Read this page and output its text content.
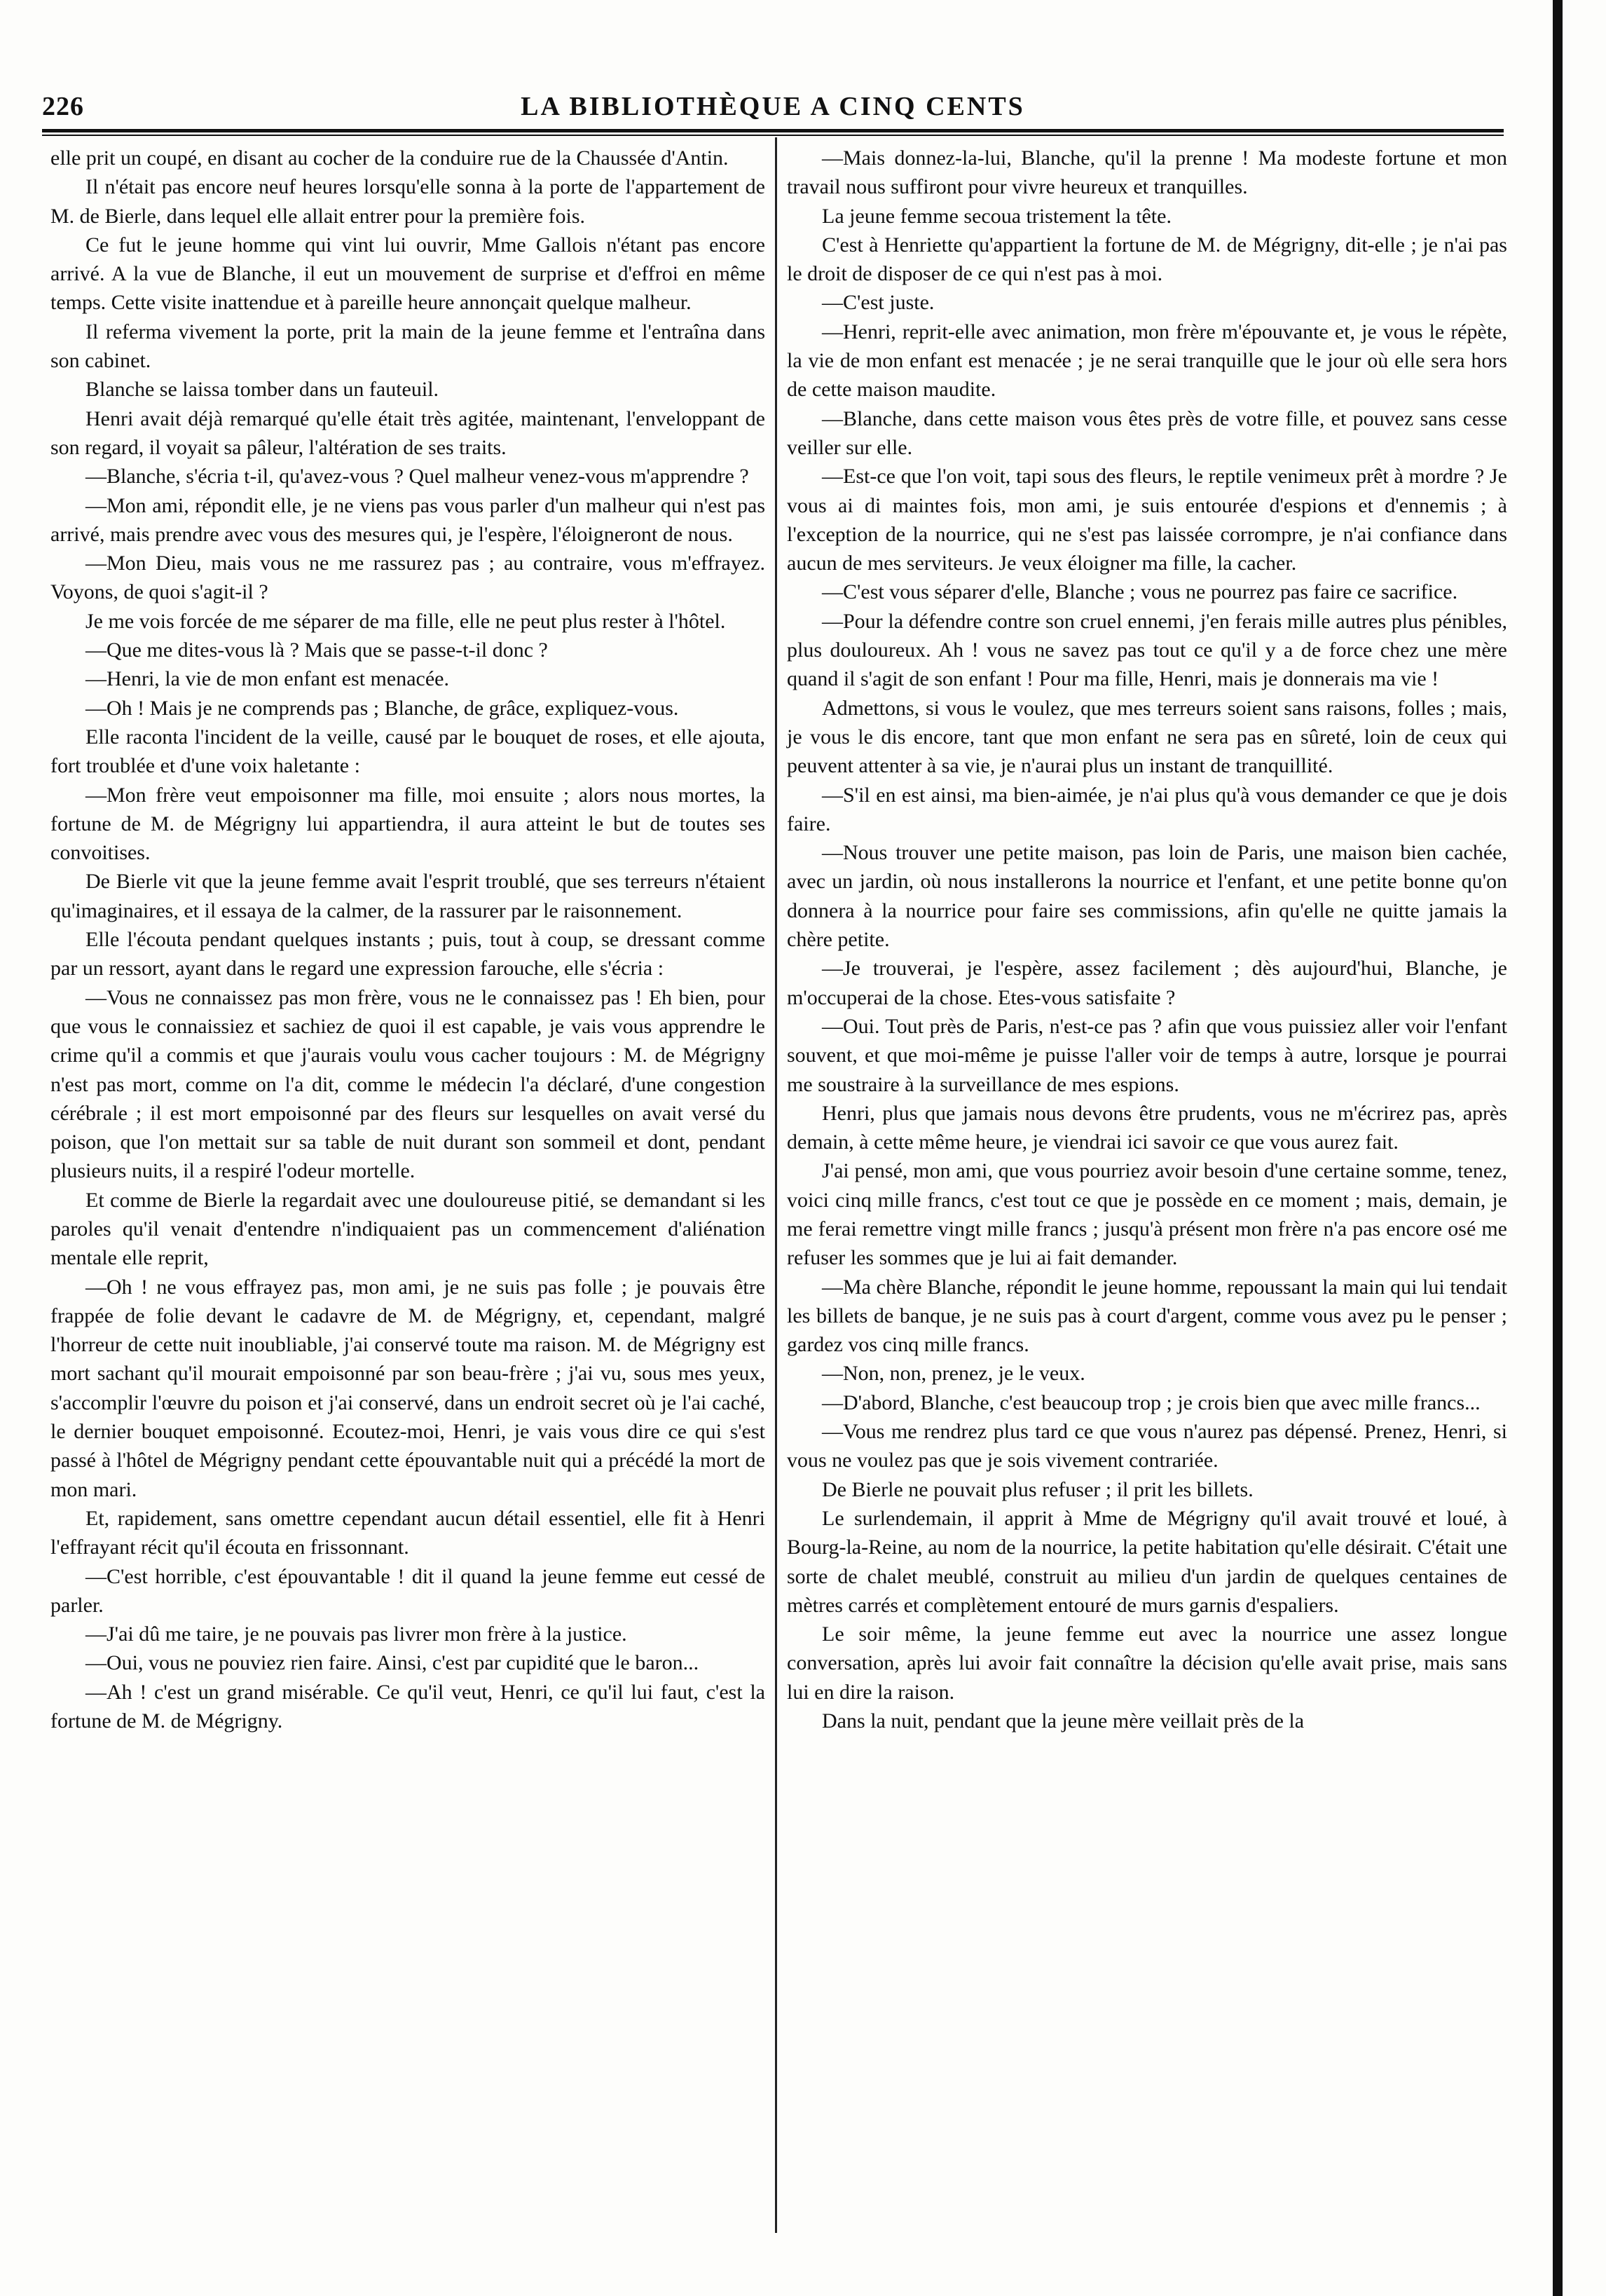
226	LA BIBLIOTHÈQUE A CINQ CENTS

elle prit un coupé, en disant au cocher de la conduire rue de la Chaussée d'Antin.

Il n'était pas encore neuf heures lorsqu'elle sonna à la porte de l'appartement de M. de Bierle, dans lequel elle allait entrer pour la première fois.

Ce fut le jeune homme qui vint lui ouvrir, Mme Gallois n'étant pas encore arrivé. A la vue de Blanche, il eut un mouvement de surprise et d'effroi en même temps. Cette visite inattendue et à pareille heure annonçait quelque malheur.

Il referma vivement la porte, prit la main de la jeune femme et l'entraîna dans son cabinet.

Blanche se laissa tomber dans un fauteuil.

Henri avait déjà remarqué qu'elle était très agitée, maintenant, l'enveloppant de son regard, il voyait sa pâleur, l'altération de ses traits.

—Blanche, s'écria t-il, qu'avez-vous ? Quel malheur venez-vous m'apprendre ?

—Mon ami, répondit elle, je ne viens pas vous parler d'un malheur qui n'est pas arrivé, mais prendre avec vous des mesures qui, je l'espère, l'éloigneront de nous.

—Mon Dieu, mais vous ne me rassurez pas ; au contraire, vous m'effrayez. Voyons, de quoi s'agit-il ?

Je me vois forcée de me séparer de ma fille, elle ne peut plus rester à l'hôtel.

—Que me dites-vous là ? Mais que se passe-t-il donc ?

—Henri, la vie de mon enfant est menacée.

—Oh ! Mais je ne comprends pas ; Blanche, de grâce, expliquez-vous.

Elle raconta l'incident de la veille, causé par le bouquet de roses, et elle ajouta, fort troublée et d'une voix haletante :

—Mon frère veut empoisonner ma fille, moi ensuite ; alors nous mortes, la fortune de M. de Mégrigny lui appartiendra, il aura atteint le but de toutes ses convoitises.

De Bierle vit que la jeune femme avait l'esprit troublé, que ses terreurs n'étaient qu'imaginaires, et il essaya de la calmer, de la rassurer par le raisonnement.

Elle l'écouta pendant quelques instants ; puis, tout à coup, se dressant comme par un ressort, ayant dans le regard une expression farouche, elle s'écria :

—Vous ne connaissez pas mon frère, vous ne le connaissez pas ! Eh bien, pour que vous le connaissiez et sachiez de quoi il est capable, je vais vous apprendre le crime qu'il a commis et que j'aurais voulu vous cacher toujours : M. de Mégrigny n'est pas mort, comme on l'a dit, comme le médecin l'a déclaré, d'une congestion cérébrale ; il est mort empoisonné par des fleurs sur lesquelles on avait versé du poison, que l'on mettait sur sa table de nuit durant son sommeil et dont, pendant plusieurs nuits, il a respiré l'odeur mortelle.

Et comme de Bierle la regardait avec une douloureuse pitié, se demandant si les paroles qu'il venait d'entendre n'indiquaient pas un commencement d'aliénation mentale elle reprit,

—Oh ! ne vous effrayez pas, mon ami, je ne suis pas folle ; je pouvais être frappée de folie devant le cadavre de M. de Mégrigny, et, cependant, malgré l'horreur de cette nuit inoubliable, j'ai conservé toute ma raison. M. de Mégrigny est mort sachant qu'il mourait empoisonné par son beau-frère ; j'ai vu, sous mes yeux, s'accomplir l'œuvre du poison et j'ai conservé, dans un endroit secret où je l'ai caché, le dernier bouquet empoisonné. Ecoutez-moi, Henri, je vais vous dire ce qui s'est passé à l'hôtel de Mégrigny pendant cette épouvantable nuit qui a précédé la mort de mon mari.

Et, rapidement, sans omettre cependant aucun détail essentiel, elle fit à Henri l'effrayant récit qu'il écouta en frissonnant.

—C'est horrible, c'est épouvantable ! dit il quand la jeune femme eut cessé de parler.

—J'ai dû me taire, je ne pouvais pas livrer mon frère à la justice.

—Oui, vous ne pouviez rien faire. Ainsi, c'est par cupidité que le baron...

—Ah ! c'est un grand misérable. Ce qu'il veut, Henri, ce qu'il lui faut, c'est la fortune de M. de Mégrigny.

—Mais donnez-la-lui, Blanche, qu'il la prenne ! Ma modeste fortune et mon travail nous suffiront pour vivre heureux et tranquilles.

La jeune femme secoua tristement la tête.

C'est à Henriette qu'appartient la fortune de M. de Mégrigny, dit-elle ; je n'ai pas le droit de disposer de ce qui n'est pas à moi.

—C'est juste.

—Henri, reprit-elle avec animation, mon frère m'épouvante et, je vous le répète, la vie de mon enfant est menacée ; je ne serai tranquille que le jour où elle sera hors de cette maison maudite.

—Blanche, dans cette maison vous êtes près de votre fille, et pouvez sans cesse veiller sur elle.

—Est-ce que l'on voit, tapi sous des fleurs, le reptile venimeux prêt à mordre ? Je vous ai di maintes fois, mon ami, je suis entourée d'espions et d'ennemis ; à l'exception de la nourrice, qui ne s'est pas laissée corrompre, je n'ai confiance dans aucun de mes serviteurs. Je veux éloigner ma fille, la cacher.

—C'est vous séparer d'elle, Blanche ; vous ne pourrez pas faire ce sacrifice.

—Pour la défendre contre son cruel ennemi, j'en ferais mille autres plus pénibles, plus douloureux. Ah ! vous ne savez pas tout ce qu'il y a de force chez une mère quand il s'agit de son enfant ! Pour ma fille, Henri, mais je donnerais ma vie !

Admettons, si vous le voulez, que mes terreurs soient sans raisons, folles ; mais, je vous le dis encore, tant que mon enfant ne sera pas en sûreté, loin de ceux qui peuvent attenter à sa vie, je n'aurai plus un instant de tranquillité.

—S'il en est ainsi, ma bien-aimée, je n'ai plus qu'à vous demander ce que je dois faire.

—Nous trouver une petite maison, pas loin de Paris, une maison bien cachée, avec un jardin, où nous installerons la nourrice et l'enfant, et une petite bonne qu'on donnera à la nourrice pour faire ses commissions, afin qu'elle ne quitte jamais la chère petite.

—Je trouverai, je l'espère, assez facilement ; dès aujourd'hui, Blanche, je m'occuperai de la chose. Etes-vous satisfaite ?

—Oui. Tout près de Paris, n'est-ce pas ? afin que vous puissiez aller voir l'enfant souvent, et que moi-même je puisse l'aller voir de temps à autre, lorsque je pourrai me soustraire à la surveillance de mes espions.

Henri, plus que jamais nous devons être prudents, vous ne m'écrirez pas, après demain, à cette même heure, je viendrai ici savoir ce que vous aurez fait.

J'ai pensé, mon ami, que vous pourriez avoir besoin d'une certaine somme, tenez, voici cinq mille francs, c'est tout ce que je possède en ce moment ; mais, demain, je me ferai remettre vingt mille francs ; jusqu'à présent mon frère n'a pas encore osé me refuser les sommes que je lui ai fait demander.

—Ma chère Blanche, répondit le jeune homme, repoussant la main qui lui tendait les billets de banque, je ne suis pas à court d'argent, comme vous avez pu le penser ; gardez vos cinq mille francs.

—Non, non, prenez, je le veux.

—D'abord, Blanche, c'est beaucoup trop ; je crois bien que avec mille francs...

—Vous me rendrez plus tard ce que vous n'aurez pas dépensé. Prenez, Henri, si vous ne voulez pas que je sois vivement contrariée.

De Bierle ne pouvait plus refuser ; il prit les billets.

Le surlendemain, il apprit à Mme de Mégrigny qu'il avait trouvé et loué, à Bourg-la-Reine, au nom de la nourrice, la petite habitation qu'elle désirait. C'était une sorte de chalet meublé, construit au milieu d'un jardin de quelques centaines de mètres carrés et complètement entouré de murs garnis d'espaliers.

Le soir même, la jeune femme eut avec la nourrice une assez longue conversation, après lui avoir fait connaître la décision qu'elle avait prise, mais sans lui en dire la raison.

Dans la nuit, pendant que la jeune mère veillait près de la
